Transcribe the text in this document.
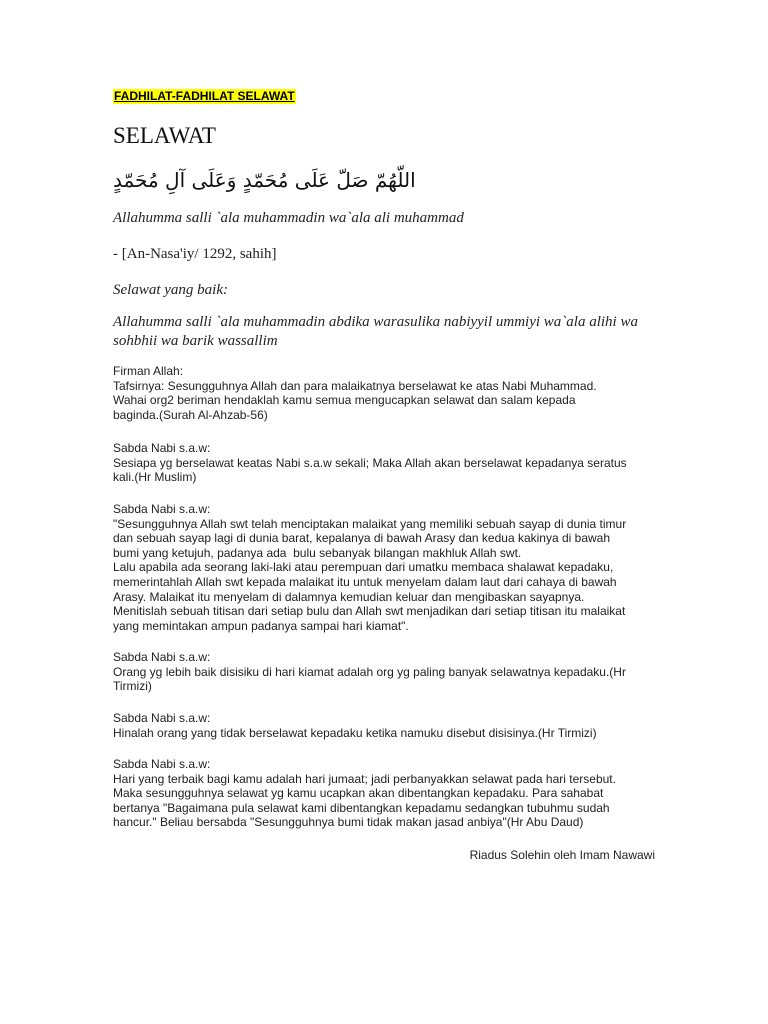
FADHILAT-FADHILAT SELAWAT
SELAWAT
اللّهُمّ صَلّ عَلَى مُحَمّدٍ وَعَلَى آلِ مُحَمّدٍ
Allahumma salli `ala muhammadin wa`ala ali muhammad
- [An-Nasa'iy/ 1292, sahih]
Selawat yang baik:
Allahumma salli `ala muhammadin abdika warasulika nabiyyil ummiyi wa`ala alihi wa sohbhii wa barik wassallim
Firman Allah:
Tafsirnya: Sesungguhnya Allah dan para malaikatnya berselawat ke atas Nabi Muhammad.
Wahai org2 beriman hendaklah kamu semua mengucapkan selawat dan salam kepada
baginda.(Surah Al-Ahzab-56)
Sabda Nabi s.a.w:
Sesiapa yg berselawat keatas Nabi s.a.w sekali; Maka Allah akan berselawat kepadanya seratus
kali.(Hr Muslim)
Sabda Nabi s.a.w:
"Sesungguhnya Allah swt telah menciptakan malaikat yang memiliki sebuah sayap di dunia timur
dan sebuah sayap lagi di dunia barat, kepalanya di bawah Arasy dan kedua kakinya di bawah
bumi yang ketujuh, padanya ada  bulu sebanyak bilangan makhluk Allah swt.
Lalu apabila ada seorang laki-laki atau perempuan dari umatku membaca shalawat kepadaku,
memerintahlah Allah swt kepada malaikat itu untuk menyelam dalam laut dari cahaya di bawah
Arasy. Malaikat itu menyelam di dalamnya kemudian keluar dan mengibaskan sayapnya.
Menitislah sebuah titisan dari setiap bulu dan Allah swt menjadikan dari setiap titisan itu malaikat
yang memintakan ampun padanya sampai hari kiamat".
Sabda Nabi s.a.w:
Orang yg lebih baik disisiku di hari kiamat adalah org yg paling banyak selawatnya kepadaku.(Hr
Tirmizi)
Sabda Nabi s.a.w:
Hinalah orang yang tidak berselawat kepadaku ketika namuku disebut disisinya.(Hr Tirmizi)
Sabda Nabi s.a.w:
Hari yang terbaik bagi kamu adalah hari jumaat; jadi perbanyakkan selawat pada hari tersebut.
Maka sesungguhnya selawat yg kamu ucapkan akan dibentangkan kepadaku. Para sahabat
bertanya "Bagaimana pula selawat kami dibentangkan kepadamu sedangkan tubuhmu sudah
hancur." Beliau bersabda "Sesungguhnya bumi tidak makan jasad anbiya"(Hr Abu Daud)
Riadus Solehin oleh Imam Nawawi
